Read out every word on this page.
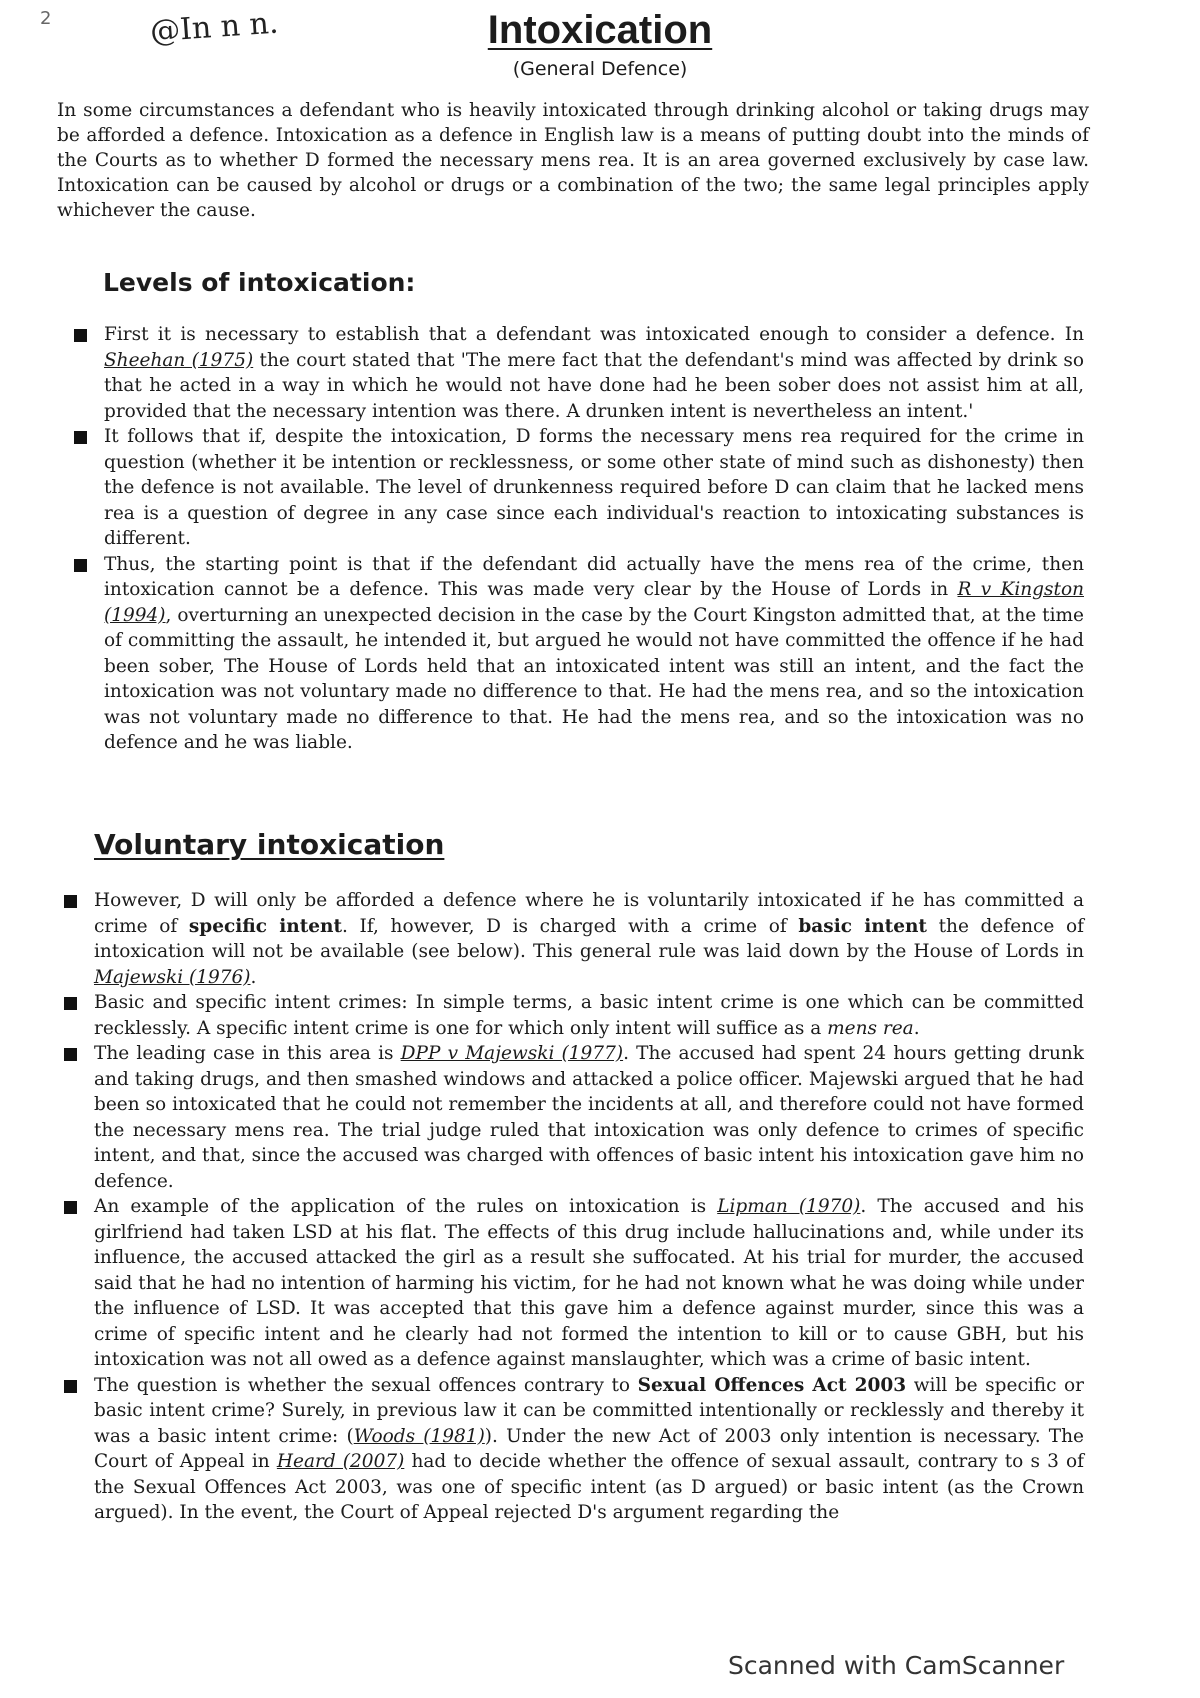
2	@In n n.	Intoxication
(General Defence)

In some circumstances a defendant who is heavily intoxicated through drinking alcohol or taking drugs may be afforded a defence. Intoxication as a defence in English law is a means of putting doubt into the minds of the Courts as to whether D formed the necessary mens rea. It is an area governed exclusively by case law. Intoxication can be caused by alcohol or drugs or a combination of the two; the same legal principles apply whichever the cause.

Levels of intoxication:
First it is necessary to establish that a defendant was intoxicated enough to consider a defence. In Sheehan (1975) the court stated that 'The mere fact that the defendant's mind was affected by drink so that he acted in a way in which he would not have done had he been sober does not assist him at all, provided that the necessary intention was there. A drunken intent is nevertheless an intent.'
It follows that if, despite the intoxication, D forms the necessary mens rea required for the crime in question (whether it be intention or recklessness, or some other state of mind such as dishonesty) then the defence is not available. The level of drunkenness required before D can claim that he lacked mens rea is a question of degree in any case since each individual's reaction to intoxicating substances is different.
Thus, the starting point is that if the defendant did actually have the mens rea of the crime, then intoxication cannot be a defence. This was made very clear by the House of Lords in R v Kingston (1994), overturning an unexpected decision in the case by the Court Kingston admitted that, at the time of committing the assault, he intended it, but argued he would not have committed the offence if he had been sober, The House of Lords held that an intoxicated intent was still an intent, and the fact the intoxication was not voluntary made no difference to that. He had the mens rea, and so the intoxication was not voluntary made no difference to that. He had the mens rea, and so the intoxication was no defence and he was liable.
Voluntary intoxication
However, D will only be afforded a defence where he is voluntarily intoxicated if he has committed a crime of specific intent. If, however, D is charged with a crime of basic intent the defence of intoxication will not be available (see below). This general rule was laid down by the House of Lords in Majewski (1976).
Basic and specific intent crimes: In simple terms, a basic intent crime is one which can be committed recklessly. A specific intent crime is one for which only intent will suffice as a mens rea.
The leading case in this area is DPP v Majewski (1977). The accused had spent 24 hours getting drunk and taking drugs, and then smashed windows and attacked a police officer. Majewski argued that he had been so intoxicated that he could not remember the incidents at all, and therefore could not have formed the necessary mens rea. The trial judge ruled that intoxication was only defence to crimes of specific intent, and that, since the accused was charged with offences of basic intent his intoxication gave him no defence.
An example of the application of the rules on intoxication is Lipman (1970). The accused and his girlfriend had taken LSD at his flat. The effects of this drug include hallucinations and, while under its influence, the accused attacked the girl as a result she suffocated. At his trial for murder, the accused said that he had no intention of harming his victim, for he had not known what he was doing while under the influence of LSD. It was accepted that this gave him a defence against murder, since this was a crime of specific intent and he clearly had not formed the intention to kill or to cause GBH, but his intoxication was not all owed as a defence against manslaughter, which was a crime of basic intent.
The question is whether the sexual offences contrary to Sexual Offences Act 2003 will be specific or basic intent crime? Surely, in previous law it can be committed intentionally or recklessly and thereby it was a basic intent crime: (Woods (1981)). Under the new Act of 2003 only intention is necessary. The Court of Appeal in Heard (2007) had to decide whether the offence of sexual assault, contrary to s 3 of the Sexual Offences Act 2003, was one of specific intent (as D argued) or basic intent (as the Crown argued). In the event, the Court of Appeal rejected D's argument regarding the
Scanned with CamScanner
